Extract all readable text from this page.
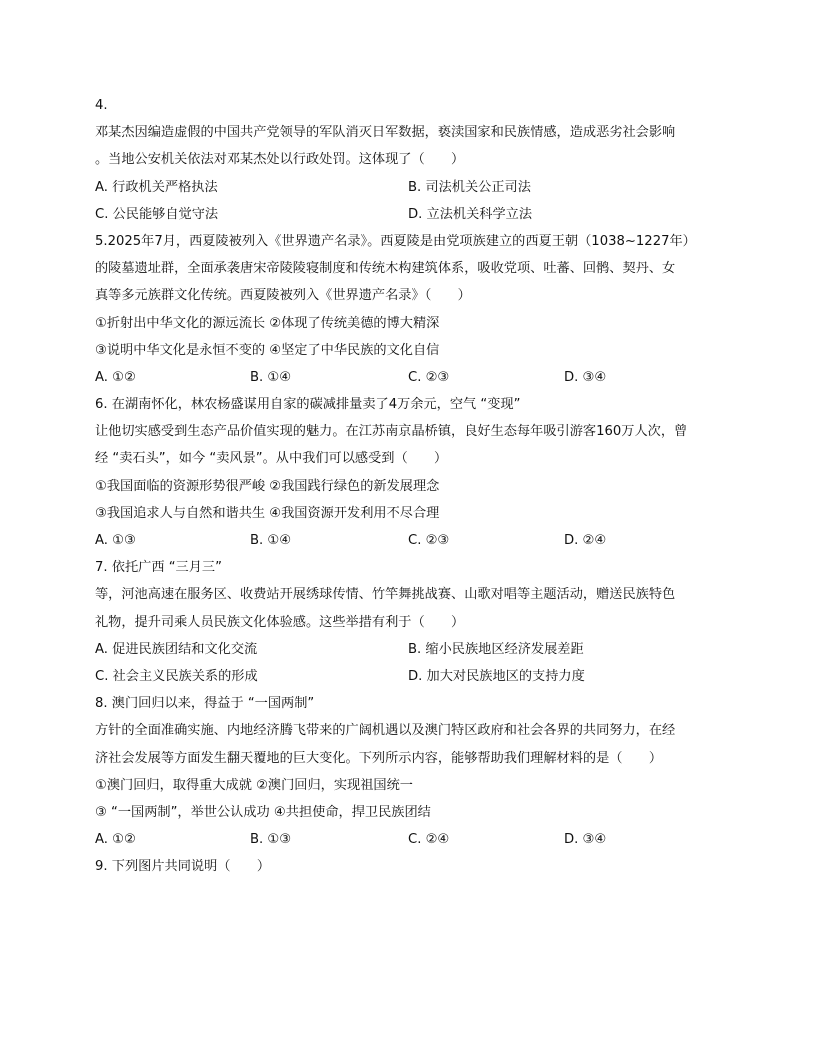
4.
邓某杰因编造虚假的中国共产党领导的军队消灭日军数据，亵渎国家和民族情感，造成恶劣社会影响
。当地公安机关依法对邓某杰处以行政处罚。这体现了（　　）
A. 行政机关严格执法	B. 司法机关公正司法
C. 公民能够自觉守法	D. 立法机关科学立法
5.2025年7月，西夏陵被列入《世界遗产名录》。西夏陵是由党项族建立的西夏王朝（1038~1227年）
的陵墓遗址群，全面承袭唐宋帝陵陵寝制度和传统木构建筑体系，吸收党项、吐蕃、回鹘、契丹、女
真等多元族群文化传统。西夏陵被列入《世界遗产名录》（　　）
①折射出中华文化的源远流长 ②体现了传统美德的博大精深
③说明中华文化是永恒不变的 ④坚定了中华民族的文化自信
A. ①②	B. ①④	C. ②③	D. ③④
6. 在湖南怀化，林农杨盛谋用自家的碳减排量卖了4万余元，空气 “变现”
让他切实感受到生态产品价值实现的魅力。在江苏南京晶桥镇，良好生态每年吸引游客160万人次，曾
经 “卖石头”，如今 “卖风景”。从中我们可以感受到（　　）
①我国面临的资源形势很严峻 ②我国践行绿色的新发展理念
③我国追求人与自然和谐共生 ④我国资源开发利用不尽合理
A. ①③	B. ①④	C. ②③	D. ②④
7. 依托广西 “三月三”
等，河池高速在服务区、收费站开展绣球传情、竹竿舞挑战赛、山歌对唱等主题活动，赠送民族特色
礼物，提升司乘人员民族文化体验感。这些举措有利于（　　）
A. 促进民族团结和文化交流	B. 缩小民族地区经济发展差距
C. 社会主义民族关系的形成	D. 加大对民族地区的支持力度
8. 澳门回归以来，得益于 “一国两制”
方针的全面准确实施、内地经济腾飞带来的广阔机遇以及澳门特区政府和社会各界的共同努力，在经
济社会发展等方面发生翻天覆地的巨大变化。下列所示内容，能够帮助我们理解材料的是（　　）
①澳门回归，取得重大成就 ②澳门回归，实现祖国统一
③ “一国两制”，举世公认成功 ④共担使命，捍卫民族团结
A. ①②	B. ①③	C. ②④	D. ③④
9. 下列图片共同说明（　　）
